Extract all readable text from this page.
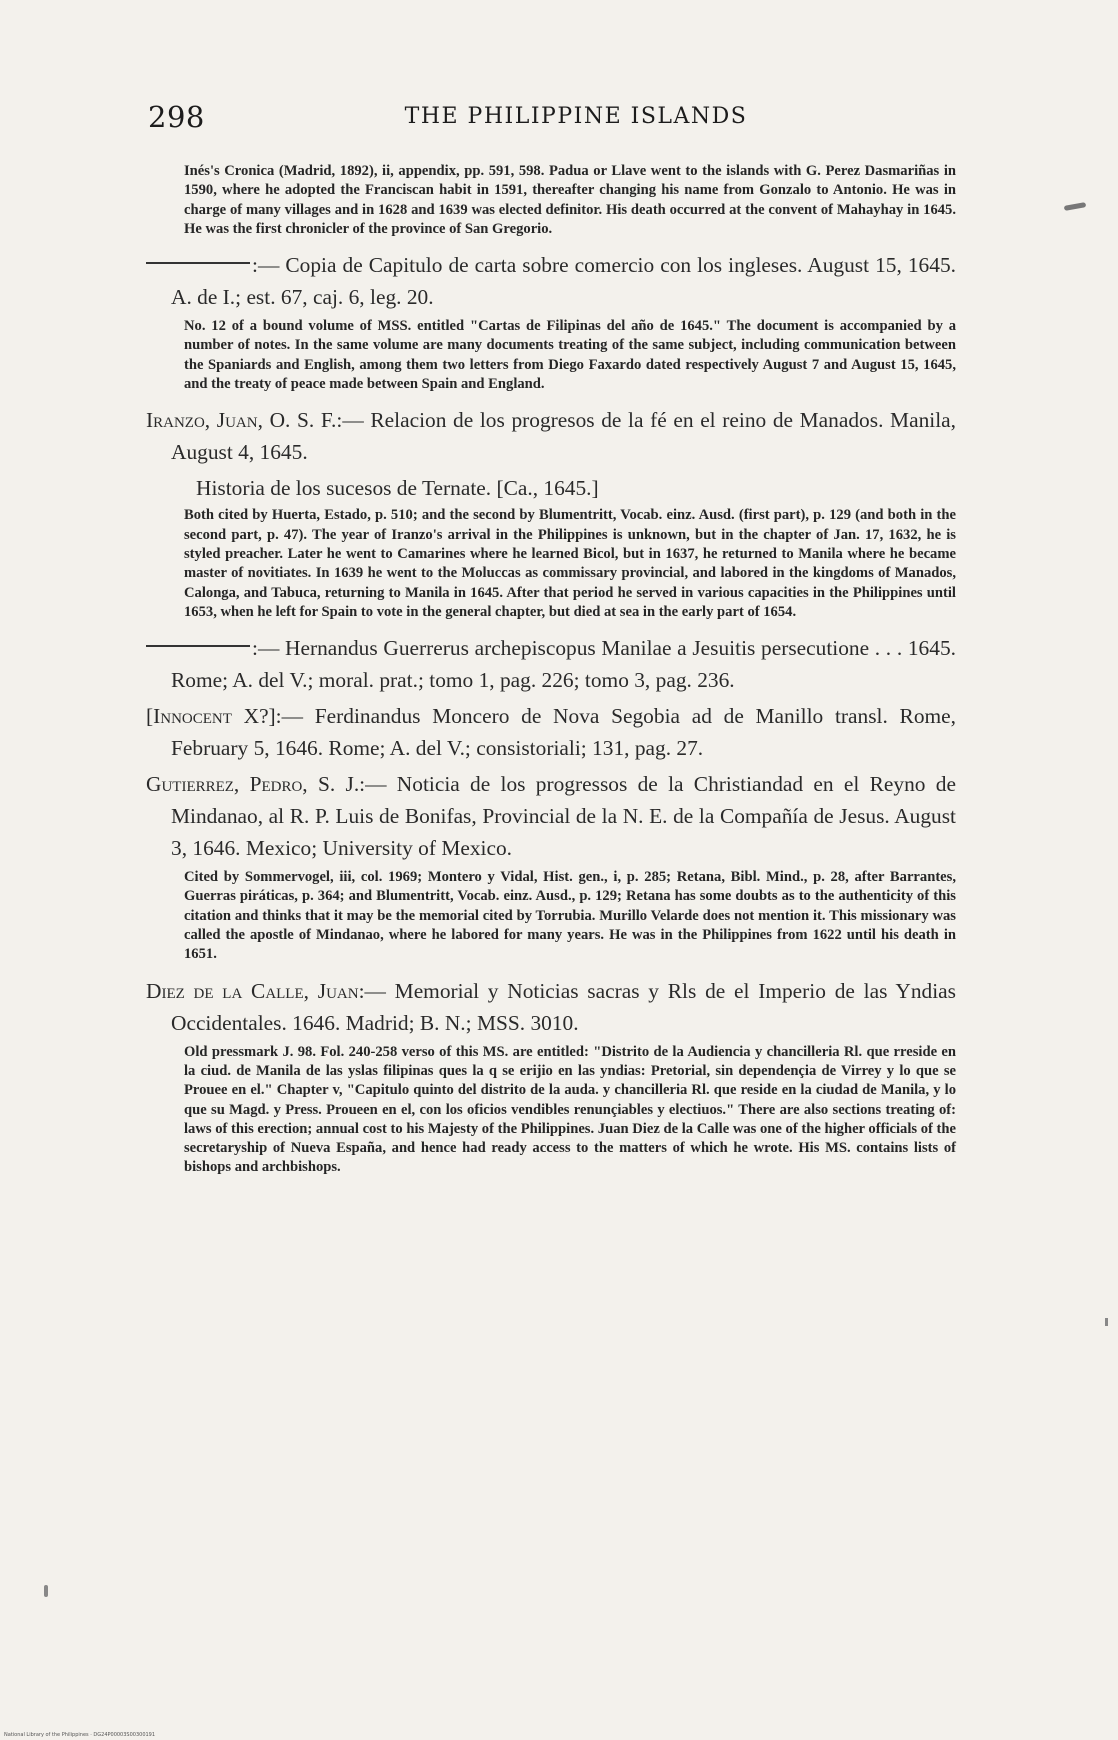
298	THE PHILIPPINE ISLANDS

Inés's Cronica (Madrid, 1892), ii, appendix, pp. 591, 598. Padua or Llave went to the islands with G. Perez Dasmariñas in 1590, where he adopted the Franciscan habit in 1591, thereafter changing his name from Gonzalo to Antonio. He was in charge of many villages and in 1628 and 1639 was elected definitor. His death occurred at the convent of Mahayhay in 1645. He was the first chronicler of the province of San Gregorio.

:— Copia de Capitulo de carta sobre comercio con los ingleses. August 15, 1645. A. de I.; est. 67, caj. 6, leg. 20.

No. 12 of a bound volume of MSS. entitled "Cartas de Filipinas del año de 1645." The document is accompanied by a number of notes. In the same volume are many documents treating of the same subject, including communication between the Spaniards and English, among them two letters from Diego Faxardo dated respectively August 7 and August 15, 1645, and the treaty of peace made between Spain and England.

Iranzo, Juan, O. S. F.:— Relacion de los progresos de la fé en el reino de Manados. Manila, August 4, 1645.

Historia de los sucesos de Ternate. [Ca., 1645.]

Both cited by Huerta, Estado, p. 510; and the second by Blumentritt, Vocab. einz. Ausd. (first part), p. 129 (and both in the second part, p. 47). The year of Iranzo's arrival in the Philippines is unknown, but in the chapter of Jan. 17, 1632, he is styled preacher. Later he went to Camarines where he learned Bicol, but in 1637, he returned to Manila where he became master of novitiates. In 1639 he went to the Moluccas as commissary provincial, and labored in the kingdoms of Manados, Calonga, and Tabuca, returning to Manila in 1645. After that period he served in various capacities in the Philippines until 1653, when he left for Spain to vote in the general chapter, but died at sea in the early part of 1654.

:— Hernandus Guerrerus archepiscopus Manilae a Jesuitis persecutione . . . 1645. Rome; A. del V.; moral. prat.; tomo 1, pag. 226; tomo 3, pag. 236.

[Innocent X?]:— Ferdinandus Moncero de Nova Segobia ad de Manillo transl. Rome, February 5, 1646. Rome; A. del V.; consistoriali; 131, pag. 27.

Gutierrez, Pedro, S. J.:— Noticia de los progressos de la Christiandad en el Reyno de Mindanao, al R. P. Luis de Bonifas, Provincial de la N. E. de la Compañía de Jesus. August 3, 1646. Mexico; University of Mexico.

Cited by Sommervogel, iii, col. 1969; Montero y Vidal, Hist. gen., i, p. 285; Retana, Bibl. Mind., p. 28, after Barrantes, Guerras piráticas, p. 364; and Blumentritt, Vocab. einz. Ausd., p. 129; Retana has some doubts as to the authenticity of this citation and thinks that it may be the memorial cited by Torrubia. Murillo Velarde does not mention it. This missionary was called the apostle of Mindanao, where he labored for many years. He was in the Philippines from 1622 until his death in 1651.

Diez de la Calle, Juan:— Memorial y Noticias sacras y Rls de el Imperio de las Yndias Occidentales. 1646. Madrid; B. N.; MSS. 3010.

Old pressmark J. 98. Fol. 240-258 verso of this MS. are entitled: "Distrito de la Audiencia y chancilleria Rl. que rreside en la ciud. de Manila de las yslas filipinas ques la q se erijio en las yndias: Pretorial, sin dependençia de Virrey y lo que se Prouee en el." Chapter v, "Capitulo quinto del distrito de la auda. y chancilleria Rl. que reside en la ciudad de Manila, y lo que su Magd. y Press. Proueen en el, con los oficios vendibles renunçiables y electiuos." There are also sections treating of: laws of this erection; annual cost to his Majesty of the Philippines. Juan Diez de la Calle was one of the higher officials of the secretaryship of Nueva España, and hence had ready access to the matters of which he wrote. His MS. contains lists of bishops and archbishops.

National Library of the Philippines · DG24P00003S00300191
